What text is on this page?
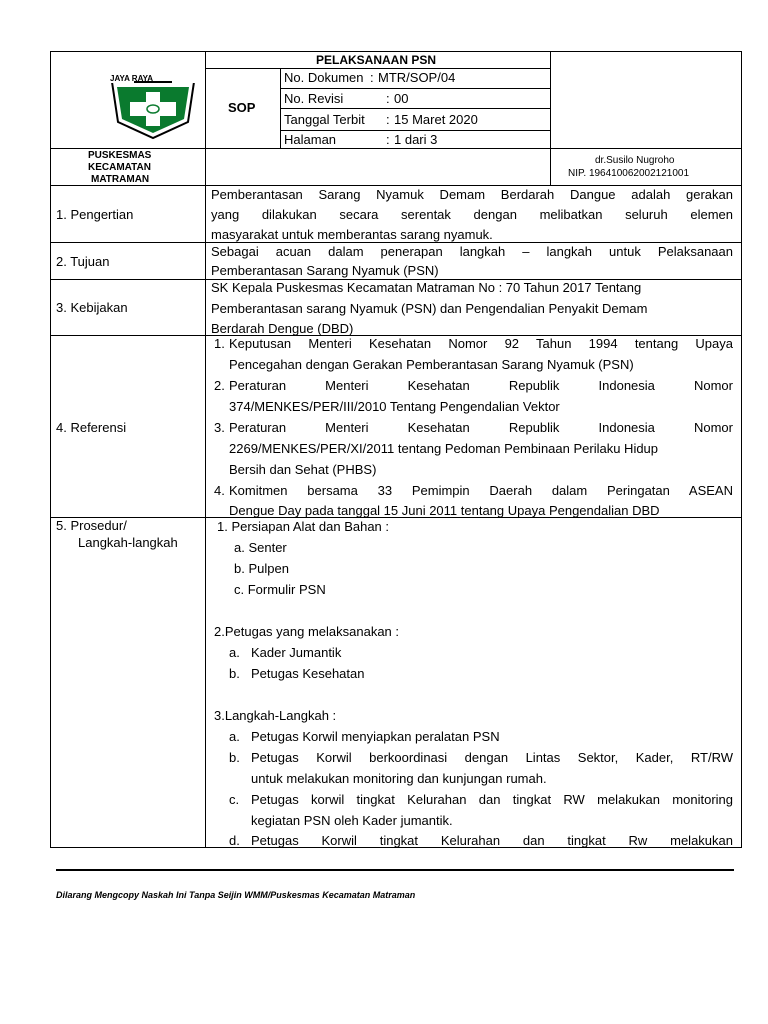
JAYA RAYA
PELAKSANAAN PSN
SOP
PUSKESMAS
KECAMATAN
MATRAMAN
No. Dokumen : MTR/SOP/04
No. Revisi	: 00
Tanggal Terbit : 15 Maret 2020
Halaman	: 1 dari 3
dr.Susilo Nugroho
NIP. 196410062002121001
1. Pengertian
Pemberantasan Sarang Nyamuk Demam Berdarah Dangue adalah gerakan
yang dilakukan secara serentak dengan melibatkan seluruh elemen
masyarakat untuk memberantas sarang nyamuk.
2. Tujuan
Sebagai acuan dalam penerapan langkah – langkah untuk Pelaksanaan
Pemberantasan Sarang Nyamuk (PSN)
3. Kebijakan
SK Kepala Puskesmas Kecamatan Matraman No : 70 Tahun 2017 Tentang
Pemberantasan sarang Nyamuk (PSN) dan Pengendalian Penyakit Demam
Berdarah Dengue (DBD)
4. Referensi
1. Keputusan Menteri Kesehatan Nomor 92 Tahun 1994 tentang Upaya
Pencegahan dengan Gerakan Pemberantasan Sarang Nyamuk (PSN)
2. Peraturan Menteri Kesehatan Republik Indonesia Nomor
374/MENKES/PER/III/2010 Tentang Pengendalian Vektor
3. Peraturan Menteri Kesehatan Republik Indonesia Nomor
2269/MENKES/PER/XI/2011 tentang Pedoman Pembinaan Perilaku Hidup
Bersih dan Sehat (PHBS)
4. Komitmen bersama 33 Pemimpin Daerah dalam Peringatan ASEAN
Dengue Day pada tanggal 15 Juni 2011 tentang Upaya Pengendalian DBD
5. Prosedur/
Langkah-langkah
1. Persiapan Alat dan Bahan :
a. Senter
b. Pulpen
c. Formulir PSN
2.Petugas yang melaksanakan :
a. Kader Jumantik
b. Petugas Kesehatan
3.Langkah-Langkah :
a. Petugas Korwil menyiapkan peralatan PSN
b. Petugas Korwil berkoordinasi dengan Lintas Sektor, Kader, RT/RW
untuk melakukan monitoring dan kunjungan rumah.
c. Petugas korwil tingkat Kelurahan dan tingkat RW melakukan monitoring
kegiatan PSN oleh Kader jumantik.
d. Petugas Korwil tingkat Kelurahan dan tingkat Rw melakukan
Dilarang Mengcopy Naskah Ini Tanpa Seijin WMM/Puskesmas Kecamatan Matraman
